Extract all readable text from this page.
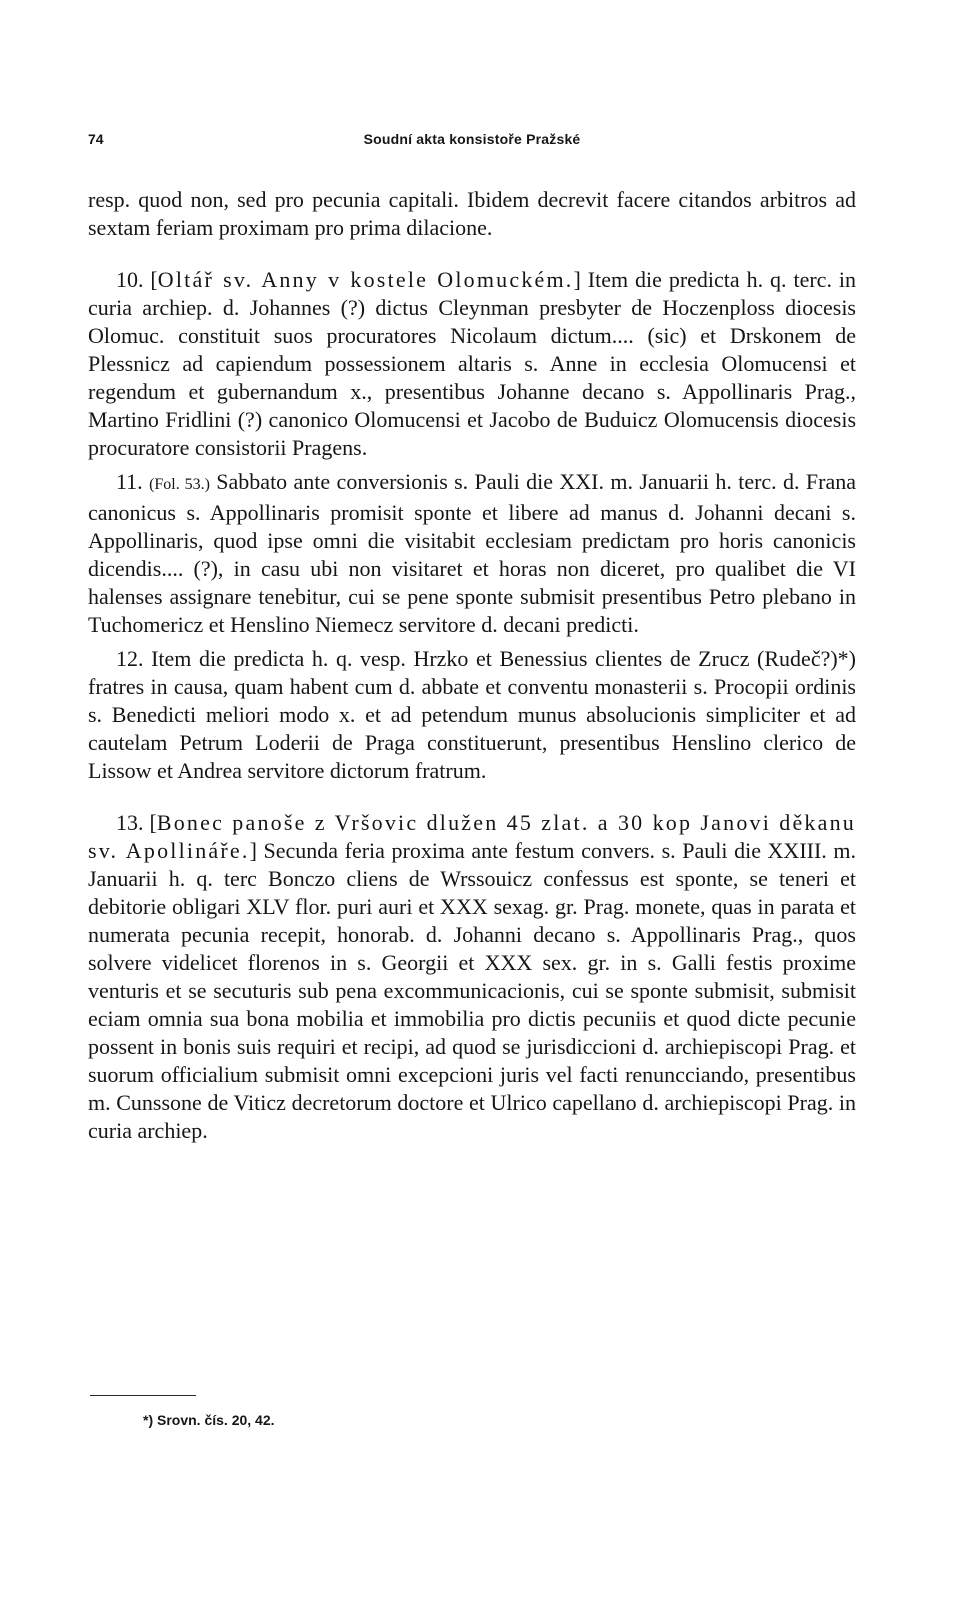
74	Soudní akta konsistoře Pražské

resp. quod non, sed pro pecunia capitali. Ibidem decrevit facere citandos arbitros ad sextam feriam proximam pro prima dilacione.

10. [Oltář sv. Anny v kostele Olomuckém.] Item die predicta h. q. terc. in curia archiep. d. Johannes (?) dictus Cleynman presbyter de Hoczenploss diocesis Olomuc. constituit suos procuratores Nicolaum dictum.... (sic) et Drskonem de Plessnicz ad capiendum possessionem altaris s. Anne in ecclesia Olomucensi et regendum et gubernandum x., presentibus Johanne decano s. Appollinaris Prag., Martino Fridlini (?) canonico Olomucensi et Jacobo de Buduicz Olomucensis diocesis procuratore consistorii Pragens.

11. (Fol. 53.) Sabbato ante conversionis s. Pauli die XXI. m. Januarii h. terc. d. Frana canonicus s. Appollinaris promisit sponte et libere ad manus d. Johanni decani s. Appollinaris, quod ipse omni die visitabit ecclesiam predictam pro horis canonicis dicendis.... (?), in casu ubi non visitaret et horas non diceret, pro qualibet die VI halenses assignare tenebitur, cui se pene sponte submisit presentibus Petro plebano in Tuchomericz et Henslino Niemecz servitore d. decani predicti.

12. Item die predicta h. q. vesp. Hrzko et Benessius clientes de Zrucz (Rudeč?)*) fratres in causa, quam habent cum d. abbate et conventu monasterii s. Procopii ordinis s. Benedicti meliori modo x. et ad petendum munus absolucionis simpliciter et ad cautelam Petrum Loderii de Praga constituerunt, presentibus Henslino clerico de Lissow et Andrea servitore dictorum fratrum.

13. [Bonec panoše z Vršovic dlužen 45 zlat. a 30 kop Janovi děkanu sv. Apollináře.] Secunda feria proxima ante festum convers. s. Pauli die XXIII. m. Januarii h. q. terc Bonczo cliens de Wrssouicz confessus est sponte, se teneri et debitorie obligari XLV flor. puri auri et XXX sexag. gr. Prag. monete, quas in parata et numerata pecunia recepit, honorab. d. Johanni decano s. Appollinaris Prag., quos solvere videlicet florenos in s. Georgii et XXX sex. gr. in s. Galli festis proxime venturis et se secuturis sub pena excommunicacionis, cui se sponte submisit, submisit eciam omnia sua bona mobilia et immobilia pro dictis pecuniis et quod dicte pecunie possent in bonis suis requiri et recipi, ad quod se jurisdiccioni d. archiepiscopi Prag. et suorum officialium submisit omni excepcioni juris vel facti renuncciando, presentibus m. Cunssone de Viticz decretorum doctore et Ulrico capellano d. archiepiscopi Prag. in curia archiep.

*) Srovn. čís. 20, 42.
